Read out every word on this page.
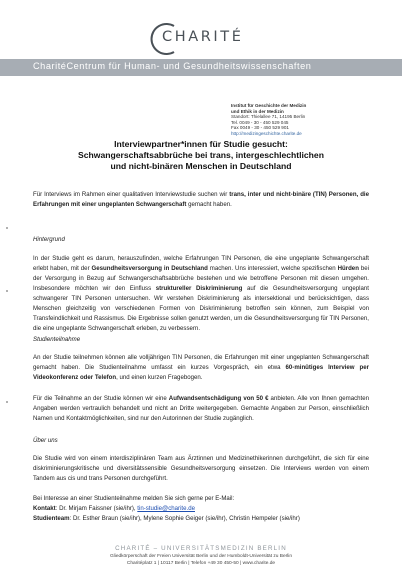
CHARITÉ
CharitéCentrum für Human- und Gesundheitswissenschaften
Institut für Geschichte der Medizin
und Ethik in der Medizin
Standort: Thielallee 71, 14195 Berlin
Tel. 0049 - 30 - 450 529 045
Fax 0049 - 30 - 450 529 901
http://medizingeschichte.charite.de
Interviewpartner*innen für Studie gesucht:
Schwangerschaftsabbrüche bei trans, intergeschlechtlichen
und nicht-binären Menschen in Deutschland
Für Interviews im Rahmen einer qualitativen Interviewstudie suchen wir trans, inter und nicht-binäre (TIN) Personen, die Erfahrungen mit einer ungeplanten Schwangerschaft gemacht haben.
Hintergrund
In der Studie geht es darum, herauszufinden, welche Erfahrungen TIN Personen, die eine ungeplante Schwangerschaft erlebt haben, mit der Gesundheitsversorgung in Deutschland machen. Uns interessiert, welche spezifischen Hürden bei der Versorgung in Bezug auf Schwangerschaftsabbrüche bestehen und wie betroffene Personen mit diesen umgehen. Insbesondere möchten wir den Einfluss struktureller Diskriminierung auf die Gesundheitsversorgung ungeplant schwangerer TIN Personen untersuchen. Wir verstehen Diskriminierung als intersektional und berücksichtigen, dass Menschen gleichzeitig von verschiedenen Formen von Diskriminierung betroffen sein können, zum Beispiel von Transfeindlichkeit und Rassismus. Die Ergebnisse sollen genutzt werden, um die Gesundheitsversorgung für TIN Personen, die eine ungeplante Schwangerschaft erleben, zu verbessern.
Studienteilnahme
An der Studie teilnehmen können alle volljährigen TIN Personen, die Erfahrungen mit einer ungeplanten Schwangerschaft gemacht haben. Die Studienteilnahme umfasst ein kurzes Vorgespräch, ein etwa 60-minütiges Interview per Videokonferenz oder Telefon, und einen kurzen Fragebogen.
Für die Teilnahme an der Studie können wir eine Aufwandsentschädigung von 50 € anbieten. Alle von Ihnen gemachten Angaben werden vertraulich behandelt und nicht an Dritte weitergegeben. Gemachte Angaben zur Person, einschließlich Namen und Kontaktmöglichkeiten, sind nur den Autorinnen der Studie zugänglich.
Über uns
Die Studie wird von einem interdisziplinären Team aus Ärztinnen und Medizinethikerinnen durchgeführt, die sich für eine diskriminierungskritische und diversitätssensible Gesundheitsversorgung einsetzen. Die Interviews werden von einem Tandem aus cis und trans Personen durchgeführt.
Bei Interesse an einer Studienteilnahme melden Sie sich gerne per E-Mail:
Kontakt: Dr. Mirjam Faissner (sie/ihr), tin-studie@charite.de
Studienteam: Dr. Esther Braun (sie/ihr), Mylene Sophie Geiger (sie/ihr), Christin Hempeler (sie/ihr)
CHARITÉ – UNIVERSITÄTSMEDIZIN BERLIN
Gliedkörperschaft der Freien Universität Berlin und der Humboldt-Universität zu Berlin
Charitéplatz 1 | 10117 Berlin | Telefon +49 30 450-50 | www.charite.de
